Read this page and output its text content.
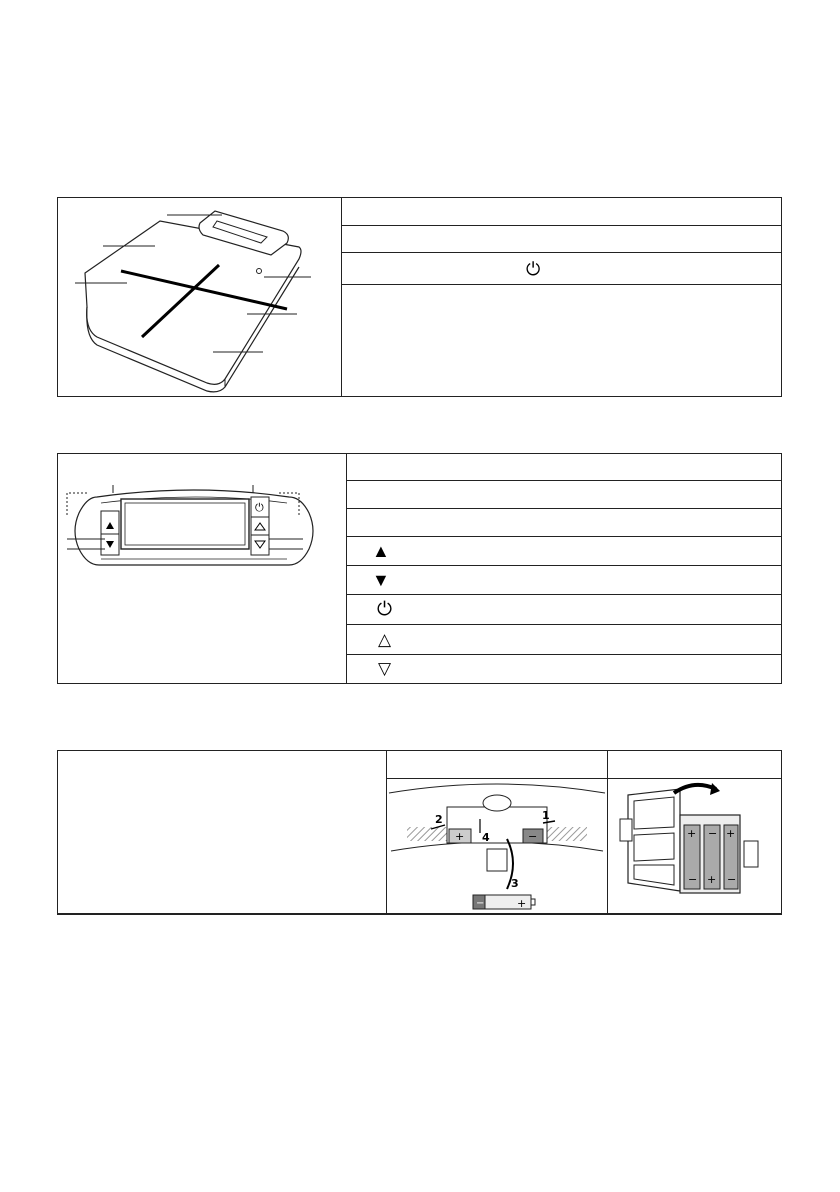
⏻
▲
▼
⏻
△
▽
⏻
+	−
2	1
4
3
−	+
+
−
−
+
+
−
